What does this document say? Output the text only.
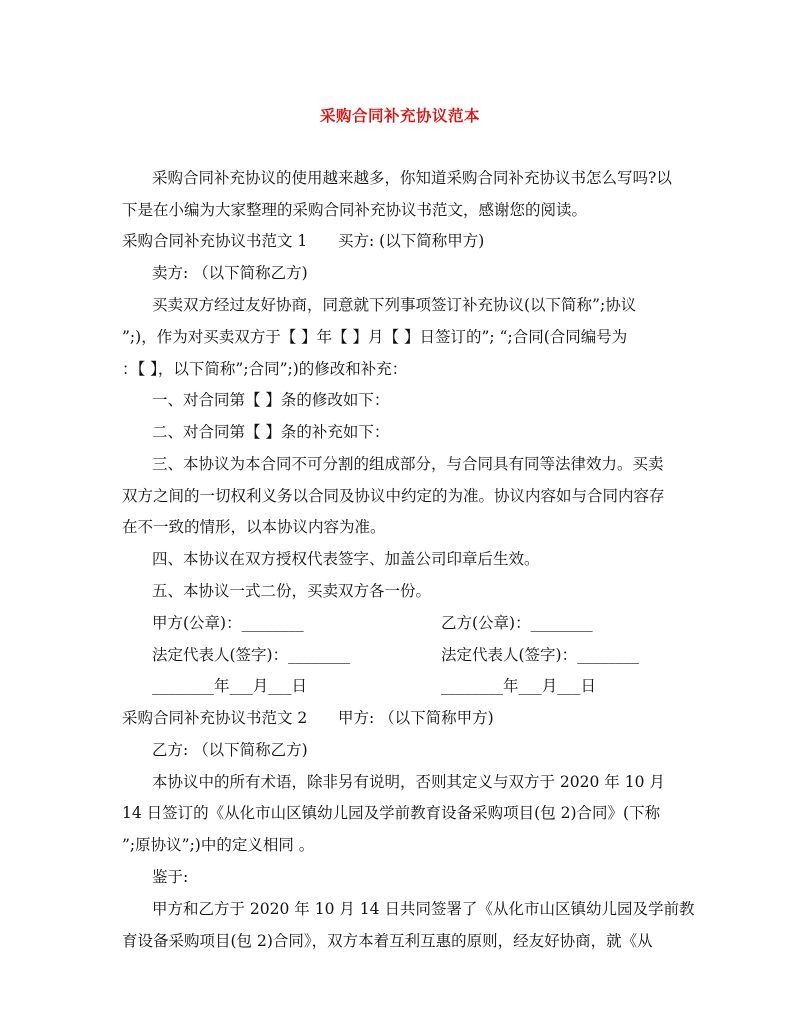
采购合同补充协议范本
采购合同补充协议的使用越来越多，你知道采购合同补充协议书怎么写吗?以
下是在小编为大家整理的采购合同补充协议书范文，感谢您的阅读。
采购合同补充协议书范文 1 买方: (以下简称甲方)
卖方: （以下简称乙方)
买卖双方经过友好协商，同意就下列事项签订补充协议(以下简称”;协议
”;)，作为对买卖双方于【 】年【 】月【 】日签订的”; “;合同(合同编号为
：【 】，以下简称”;合同”;)的修改和补充：
一、对合同第【 】条的修改如下：
二、对合同第【 】条的补充如下：
三、本协议为本合同不可分割的组成部分，与合同具有同等法律效力。买卖
双方之间的一切权利义务以合同及协议中约定的为准。协议内容如与合同内容存
在不一致的情形，以本协议内容为准。
四、本协议在双方授权代表签字、加盖公司印章后生效。
五、本协议一式二份，买卖双方各一份。
甲方(公章)：________	乙方(公章)：________
法定代表人(签字)：________	法定代表人(签字)：________
________年___月___日	________年___月___日
采购合同补充协议书范文 2 甲方: （以下简称甲方)
乙方: （以下简称乙方)
本协议中的所有术语，除非另有说明，否则其定义与双方于 2020 年 10 月
14 日签订的《从化市山区镇幼儿园及学前教育设备采购项目(包 2)合同》(下称
”;原协议”;)中的定义相同 。
鉴于:
甲方和乙方于 2020 年 10 月 14 日共同签署了《从化市山区镇幼儿园及学前教
育设备采购项目(包 2)合同》，双方本着互利互惠的原则，经友好协商，就《从
